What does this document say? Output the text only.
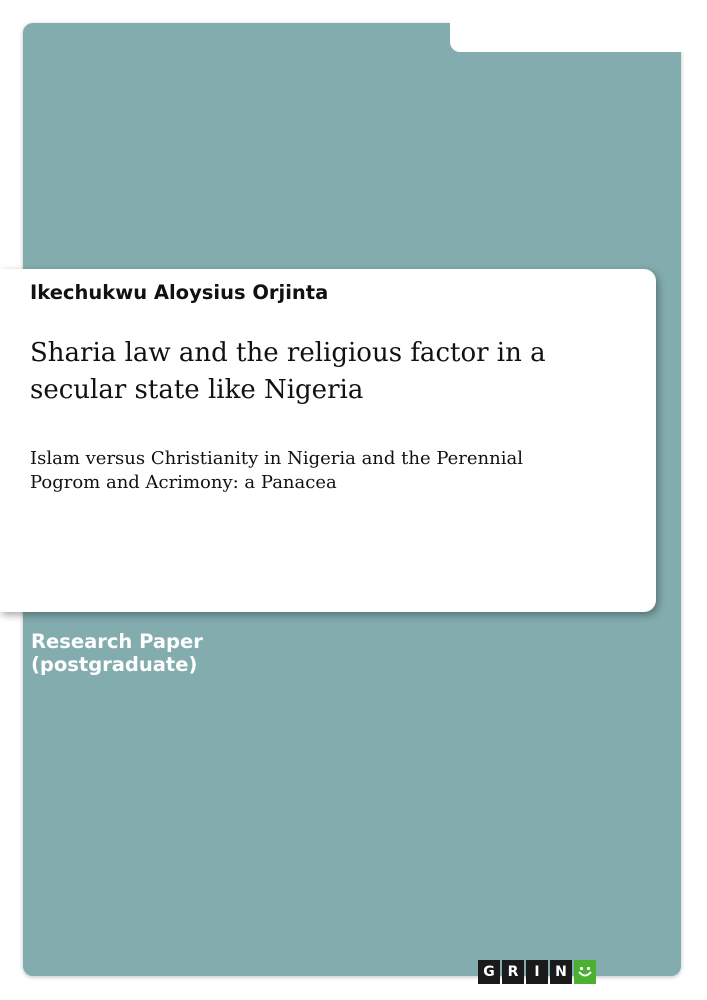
Ikechukwu Aloysius Orjinta
Sharia law and the religious factor in a
secular state like Nigeria
Islam versus Christianity in Nigeria and the Perennial
Pogrom and Acrimony: a Panacea
Research Paper
(postgraduate)
G R	I	N
